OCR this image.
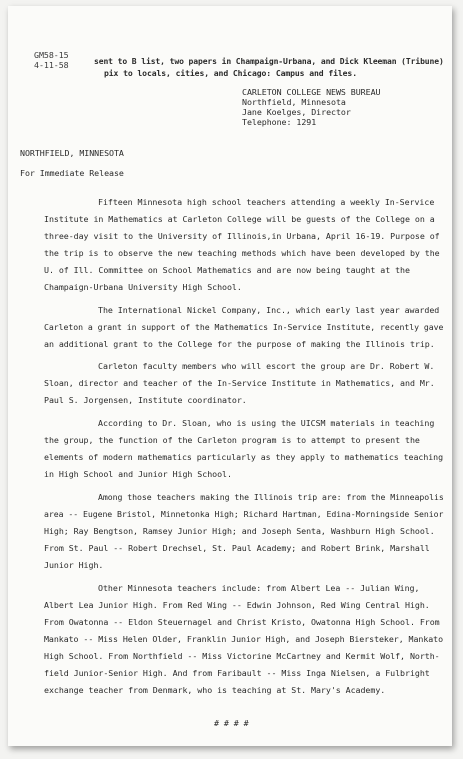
GM58-15
4-11-58	sent to B list, two papers in Champaign-Urbana, and Dick Kleeman (Tribune)
pix to locals, cities, and Chicago: Campus and files.
CARLETON COLLEGE NEWS BUREAU
Northfield, Minnesota
Jane Koelges, Director
Telephone: 1291
NORTHFIELD, MINNESOTA
For Immediate Release
Fifteen Minnesota high school teachers attending a weekly In-Service
Institute in Mathematics at Carleton College will be guests of the College on a
three-day visit to the University of Illinois,in Urbana, April 16-19. Purpose of
the trip is to observe the new teaching methods which have been developed by the
U. of Ill. Committee on School Mathematics and are now being taught at the
Champaign-Urbana University High School.
The International Nickel Company, Inc., which early last year awarded
Carleton a grant in support of the Mathematics In-Service Institute, recently gave
an additional grant to the College for the purpose of making the Illinois trip.
Carleton faculty members who will escort the group are Dr. Robert W.
Sloan, director and teacher of the In-Service Institute in Mathematics, and Mr.
Paul S. Jorgensen, Institute coordinator.
According to Dr. Sloan, who is using the UICSM materials in teaching
the group, the function of the Carleton program is to attempt to present the
elements of modern mathematics particularly as they apply to mathematics teaching
in High School and Junior High School.
Among those teachers making the Illinois trip are: from the Minneapolis
area -- Eugene Bristol, Minnetonka High; Richard Hartman, Edina-Morningside Senior
High; Ray Bengtson, Ramsey Junior High; and Joseph Senta, Washburn High School.
From St. Paul -- Robert Drechsel, St. Paul Academy; and Robert Brink, Marshall
Junior High.
Other Minnesota teachers include: from Albert Lea -- Julian Wing,
Albert Lea Junior High. From Red Wing -- Edwin Johnson, Red Wing Central High.
From Owatonna -- Eldon Steuernagel and Christ Kristo, Owatonna High School. From
Mankato -- Miss Helen Older, Franklin Junior High, and Joseph Biersteker, Mankato
High School. From Northfield -- Miss Victorine McCartney and Kermit Wolf, North-
field Junior-Senior High. And from Faribault -- Miss Inga Nielsen, a Fulbright
exchange teacher from Denmark, who is teaching at St. Mary's Academy.
# # # #
